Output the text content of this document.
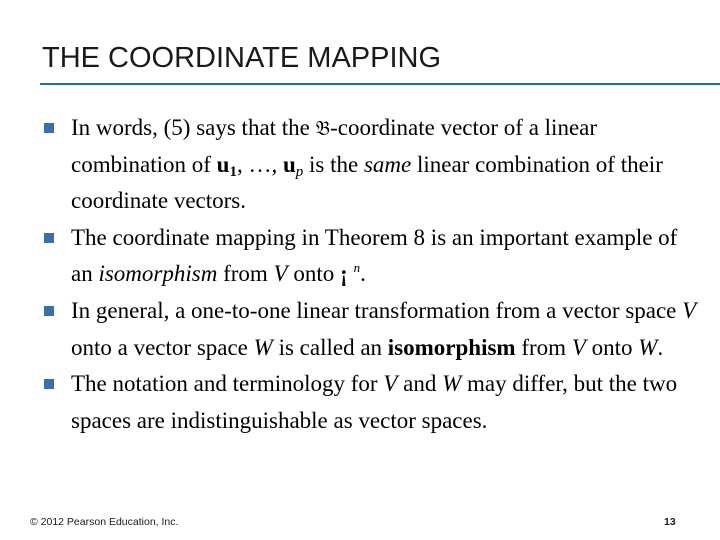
THE COORDINATE MAPPING
In words, (5) says that the 𝔅-coordinate vector of a linear combination of $u_1$, …, $u_p$ is the same linear combination of their coordinate vectors.
The coordinate mapping in Theorem 8 is an important example of an isomorphism from V onto ¡ $^n$.
In general, a one-to-one linear transformation from a vector space V onto a vector space W is called an isomorphism from V onto W.
The notation and terminology for V and W may differ, but the two spaces are indistinguishable as vector spaces.
© 2012 Pearson Education, Inc.	13
